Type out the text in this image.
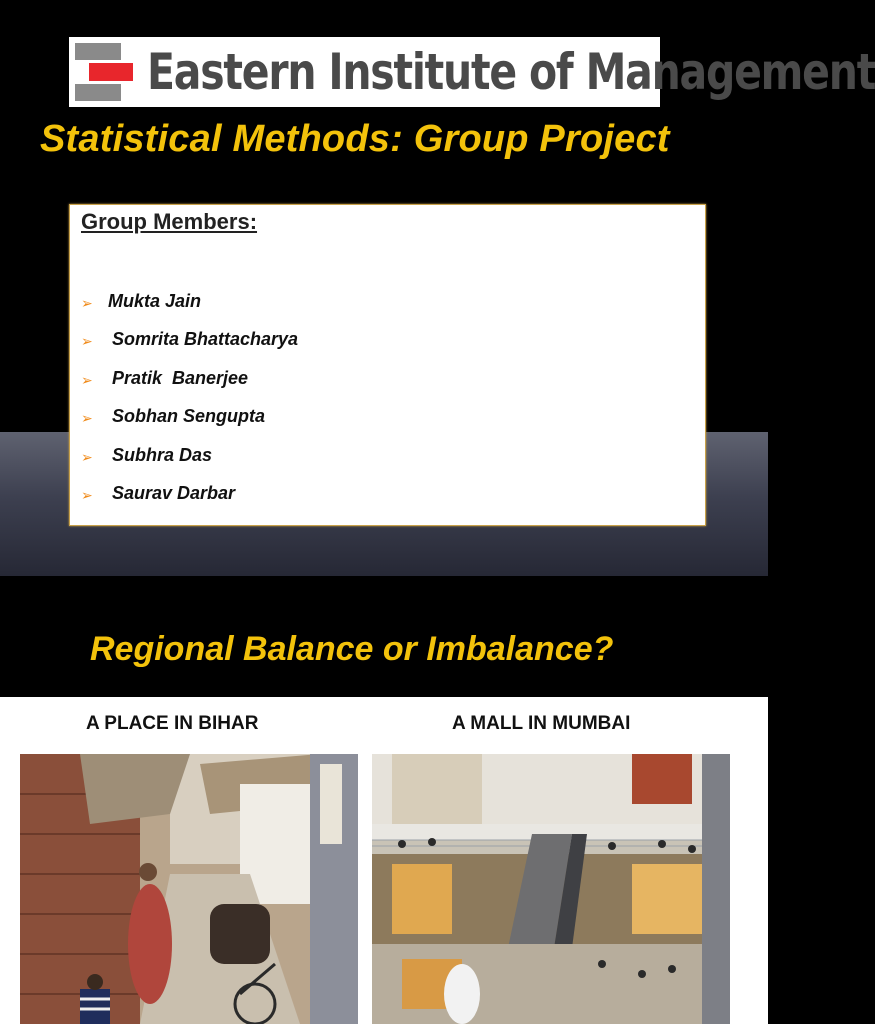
Eastern Institute of Management
Statistical Methods: Group Project
Group Members:
➢ Mukta Jain
➢ Somrita Bhattacharya
➢ Pratik  Banerjee
➢ Sobhan Sengupta
➢ Subhra Das
➢ Saurav Darbar
Regional Balance or Imbalance?
A PLACE IN BIHAR	A MALL IN MUMBAI
